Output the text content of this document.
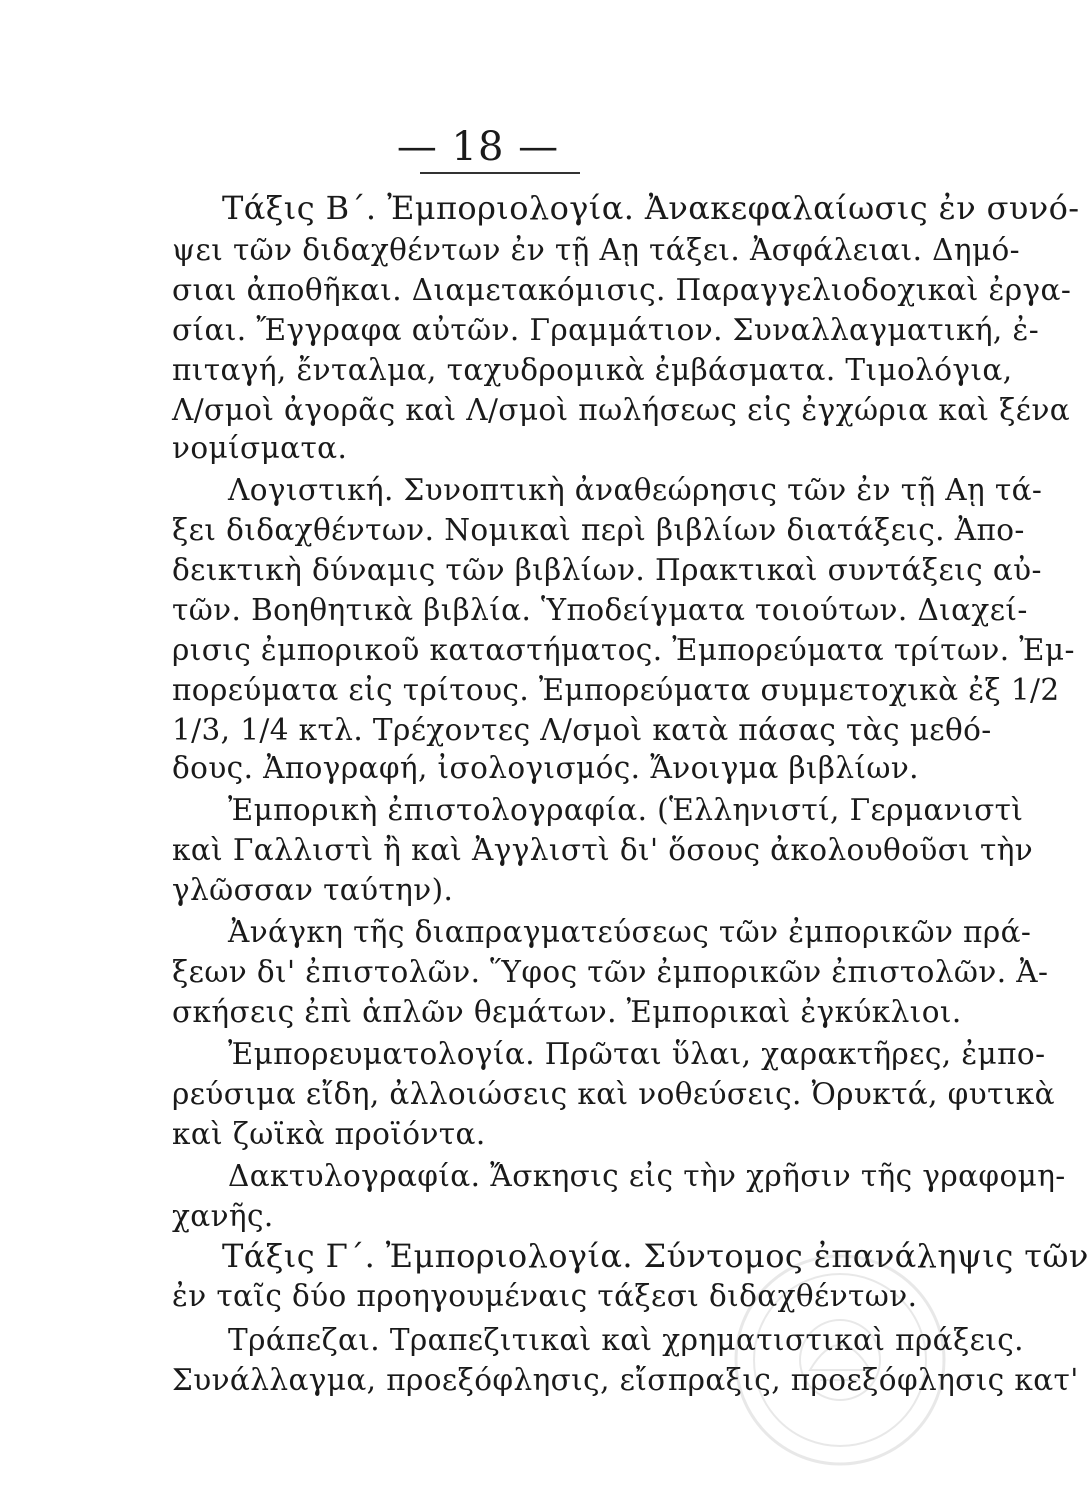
— 18 —
Τάξις Β΄. Ἐμποριολογία. Ἀνακεφαλαίωσις ἐν συνό-
ψει τῶν διδαχθέντων ἐν τῇ Αῃ τάξει. Ἀσφάλειαι. Δημό-
σιαι ἀποθῆκαι. Διαμετακόμισις. Παραγγελιοδοχικαὶ ἐργα-
σίαι. Ἔγγραφα αὐτῶν. Γραμμάτιον. Συναλλαγματική, ἐ-
πιταγή, ἔνταλμα, ταχυδρομικὰ ἐμβάσματα. Τιμολόγια,
Λ/σμοὶ ἀγορᾶς καὶ Λ/σμοὶ πωλήσεως εἰς ἐγχώρια καὶ ξένα
νομίσματα.
Λογιστική. Συνοπτικὴ ἀναθεώρησις τῶν ἐν τῇ Αῃ τά-
ξει διδαχθέντων. Νομικαὶ περὶ βιβλίων διατάξεις. Ἀπο-
δεικτικὴ δύναμις τῶν βιβλίων. Πρακτικαὶ συντάξεις αὐ-
τῶν. Βοηθητικὰ βιβλία. Ὑποδείγματα τοιούτων. Διαχεί-
ρισις ἐμπορικοῦ καταστήματος. Ἐμπορεύματα τρίτων. Ἐμ-
πορεύματα εἰς τρίτους. Ἐμπορεύματα συμμετοχικὰ ἐξ 1/2
1/3, 1/4 κτλ. Τρέχοντες Λ/σμοὶ κατὰ πάσας τὰς μεθό-
δους. Ἀπογραφή, ἰσολογισμός. Ἄνοιγμα βιβλίων.
Ἐμπορικὴ ἐπιστολογραφία. (Ἑλληνιστί, Γερμανιστὶ
καὶ Γαλλιστὶ ἢ καὶ Ἀγγλιστὶ δι' ὅσους ἀκολουθοῦσι τὴν
γλῶσσαν ταύτην).
Ἀνάγκη τῆς διαπραγματεύσεως τῶν ἐμπορικῶν πρά-
ξεων δι' ἐπιστολῶν. Ὕφος τῶν ἐμπορικῶν ἐπιστολῶν. Ἀ-
σκήσεις ἐπὶ ἁπλῶν θεμάτων. Ἐμπορικαὶ ἐγκύκλιοι.
Ἐμπορευματολογία. Πρῶται ὕλαι, χαρακτῆρες, ἐμπο-
ρεύσιμα εἴδη, ἀλλοιώσεις καὶ νοθεύσεις. Ὀρυκτά, φυτικὰ
καὶ ζωϊκὰ προϊόντα.
Δακτυλογραφία. Ἄσκησις εἰς τὴν χρῆσιν τῆς γραφομη-
χανῆς.
Τάξις Γ΄. Ἐμποριολογία. Σύντομος ἐπανάληψις τῶν
ἐν ταῖς δύο προηγουμέναις τάξεσι διδαχθέντων.
Τράπεζαι. Τραπεζιτικαὶ καὶ χρηματιστικαὶ πράξεις.
Συνάλλαγμα, προεξόφλησις, εἴσπραξις, προεξόφλησις κατ'
